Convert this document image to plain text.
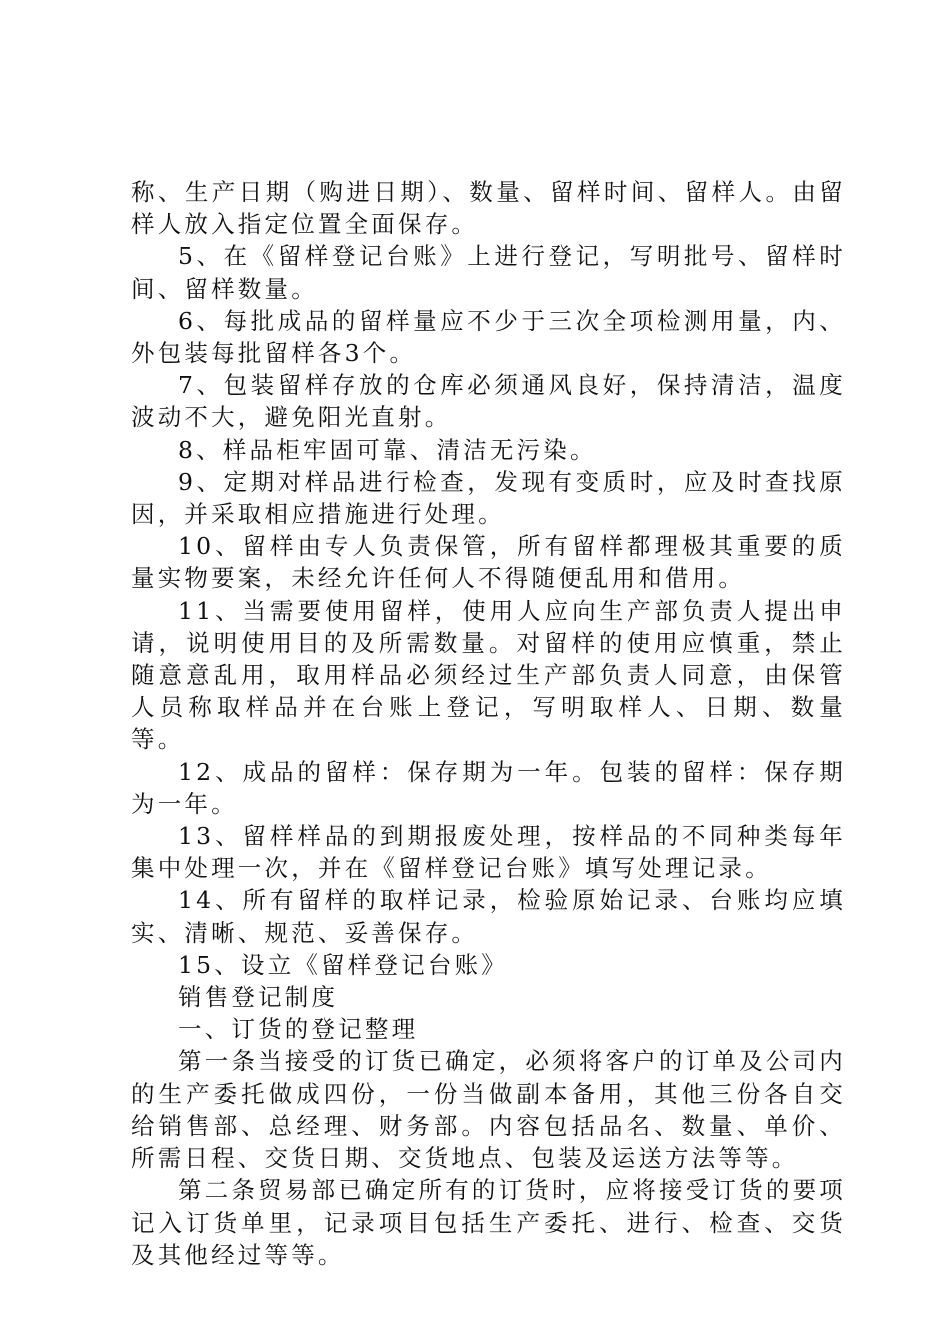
称、生产日期（购进日期）、数量、留样时间、留样人。由留样人放入指定位置全面保存。

5、在《留样登记台账》上进行登记，写明批号、留样时间、留样数量。

6、每批成品的留样量应不少于三次全项检测用量，内、外包装每批留样各3个。

7、包装留样存放的仓库必须通风良好，保持清洁，温度波动不大，避免阳光直射。

8、样品柜牢固可靠、清洁无污染。

9、定期对样品进行检查，发现有变质时，应及时查找原因，并采取相应措施进行处理。

10、留样由专人负责保管，所有留样都理极其重要的质量实物要案，未经允许任何人不得随便乱用和借用。

11、当需要使用留样，使用人应向生产部负责人提出申请，说明使用目的及所需数量。对留样的使用应慎重，禁止随意意乱用，取用样品必须经过生产部负责人同意，由保管人员称取样品并在台账上登记，写明取样人、日期、数量等。

12、成品的留样：保存期为一年。包装的留样：保存期为一年。

13、留样样品的到期报废处理，按样品的不同种类每年集中处理一次，并在《留样登记台账》填写处理记录。

14、所有留样的取样记录，检验原始记录、台账均应填实、清晰、规范、妥善保存。

15、设立《留样登记台账》

销售登记制度

一、订货的登记整理

第一条当接受的订货已确定，必须将客户的订单及公司内的生产委托做成四份，一份当做副本备用，其他三份各自交给销售部、总经理、财务部。内容包括品名、数量、单价、所需日程、交货日期、交货地点、包装及运送方法等等。

第二条贸易部已确定所有的订货时，应将接受订货的要项记入订货单里，记录项目包括生产委托、进行、检查、交货及其他经过等等。
